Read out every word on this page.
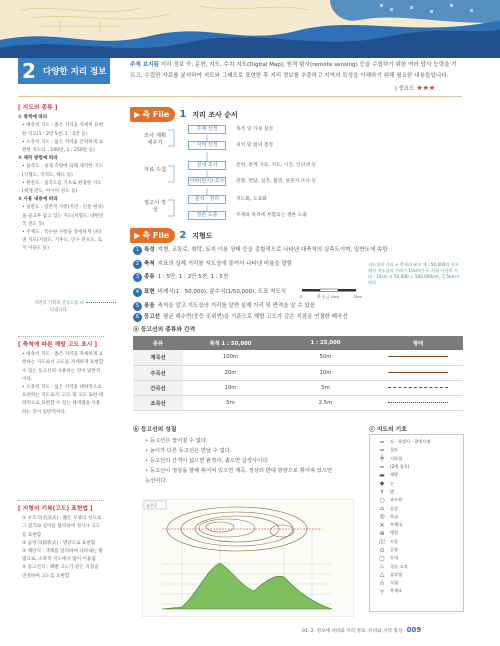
2 다양한 지리 정보
주제 보지됨 지리 정보 즉, 문헌, 지도, 수치 지도(Digital Map), 원격 탐사(remote sensing) 등을 수집하기 위한 여러 답사 능력을 기르고, 수집한 자료를 분석하여 지도와 그래프로 표현한 후 지리 정보를 추출하고 지역의 특성을 이해하기 위해 필요한 내용들입니다.
| 중요도 ★★★
[ 지도의 종류 ]
① 축척에 따라
• 대축척 지도 : 좁은 지역을 자세히 표현한 지도(1 : 2만 5천, 1 : 5만 등)
• 소축척 지도 : 넓은 지역을 간략하게 표현한 지도(1 : 100만, 1 : 250만 등)
② 제작 방법에 따라
• 실측도 : 실제 측량에 의해 제작한 지도(지형도, 지적도, 해도 등)
• 편찬도 : 실측도를 기초로 편집한 지도(세계 전도, 아시아 전도 등)
③ 사용 내용에 따라
• 일반도 : 일반적 사항(지연 · 인문 현상)을 골고루 담고 있는 지도(지형도, 대한민국 전도 등)
• 주제도 : 특수한 사항을 상세하게 나타낸 지도(지질도, 기후도, 인구 분포도, 토지 이용도 등)
지면의 기복과 굴곡도를 나타냅니다.
[ 축척에 따른 해발 고도 표시 ]
• 대축척 지도 : 좁은 지역을 자세하게 표현하는 지도로서 고도를 자세하게 표현할 수 있는 등고선의 사용하는 것이 일반적이다.
• 소축척 지도 : 넓은 지역을 대략적으로 표현하는 지도로서, 고도 및 고도 또한 대략적으로 표현할 수 있는 채색법을 사용하는 것이 일반적이다.
[ 지형의 기복(고도) 표현법 ]
① 우모식(毛羽式) : 짧은 모양의 선으로 그 굵기와 길이를 달리하여 경사나 고도를 표현함
② 음영식(陰影式) : 명암으로 표현함
③ 채단식 : 색채를 달리하여 나타내는 방법으로, 소축척 지도에서 많이 이용됨
④ 등고선식 : 해발 고도가 같은 지점을 연결하여 고도를 표현함
▶ 측 File	1 지리 조사 순서
조사 계획 세우기
자료 수집
정고서 작성
주제 선정
지역 선정
실내 조사
야외(현지) 조사
분석 · 정리
결론 도출
목적 및 가설 설정
위치 및 범위 결정
문헌, 통계 자료, 지도, 사진, 인터넷 등
관찰, 면담, 실측, 촬영, 설문지 조사 등
지도화, 도표화
주제와 목적에 부합되는 결론 도출
▶ 측 File	2 지형도
1 특성 지형, 교통로, 취락, 토지 이용 상태 등을 종합적으로 나타낸 대축척의 실측도이며, 일반도에 속함
2 축척 지표의 실제 거리를 지도상에 줄여서 나타낸 비율을 말함
3 종류 1 : 5만, 1 : 2만 5천, 1 : 5천
4 표현 비례식(1 : 50,000), 분수식(1/50,000), 도표 척도식
0	한 눈금 1km	2km
지도상의 거리 × 축척의 분모 예 : 50,000의 지도에서 지도상의 거리가 10cm인 두 지점 사이의 거리 : 10cm × 50,000 = 500,000cm, 즉 5km가 된다.
5 용음 축척을 알고 지도상의 거리를 알면 실제 거리 및 면적을 알 수 있음
6 등고선 평균 해수면(중등 조위면)을 기준으로 해발 고도가 같은 지점을 연결한 폐곡선
ⓐ 등고선의 종류와 간격
종류	축척 1 : 50,000	1 : 25,000	형태
계곡선	100m	50m	
주곡선	20m	10m	
간곡선	10m	5m	
조곡선	5m	2.5m	
ⓑ 등고선의 성질
• 등고선은 끊어질 수 없다.
• 높이가 다른 등고선은 만날 수 없다.
• 등고선의 간격이 넓으면 완경사, 좁으면 급경사이다.
• 등고선이 정상을 향해 휘어져 있으면 계곡, 정상의 반대 방향으로 휘어져 있으면 능선이다.
높은곳
ⓒ 지도의 기호
━	도 · 특별시 · 광역시계
═	철도
┿	지하철
═	(2배 철목)
▬	제방
◆	논
∨	밭
○	과수원
⌂	공장
◎	학교
✕	우체국
⊕	병원
卍	사찰
⊙	공항
▢	등대
♨	경승 고적
△	삼각점
∩	독립
┬	무제조
01. 2. 정보에 서비와 지리 정보, 유비와 지역 형성 · 009
